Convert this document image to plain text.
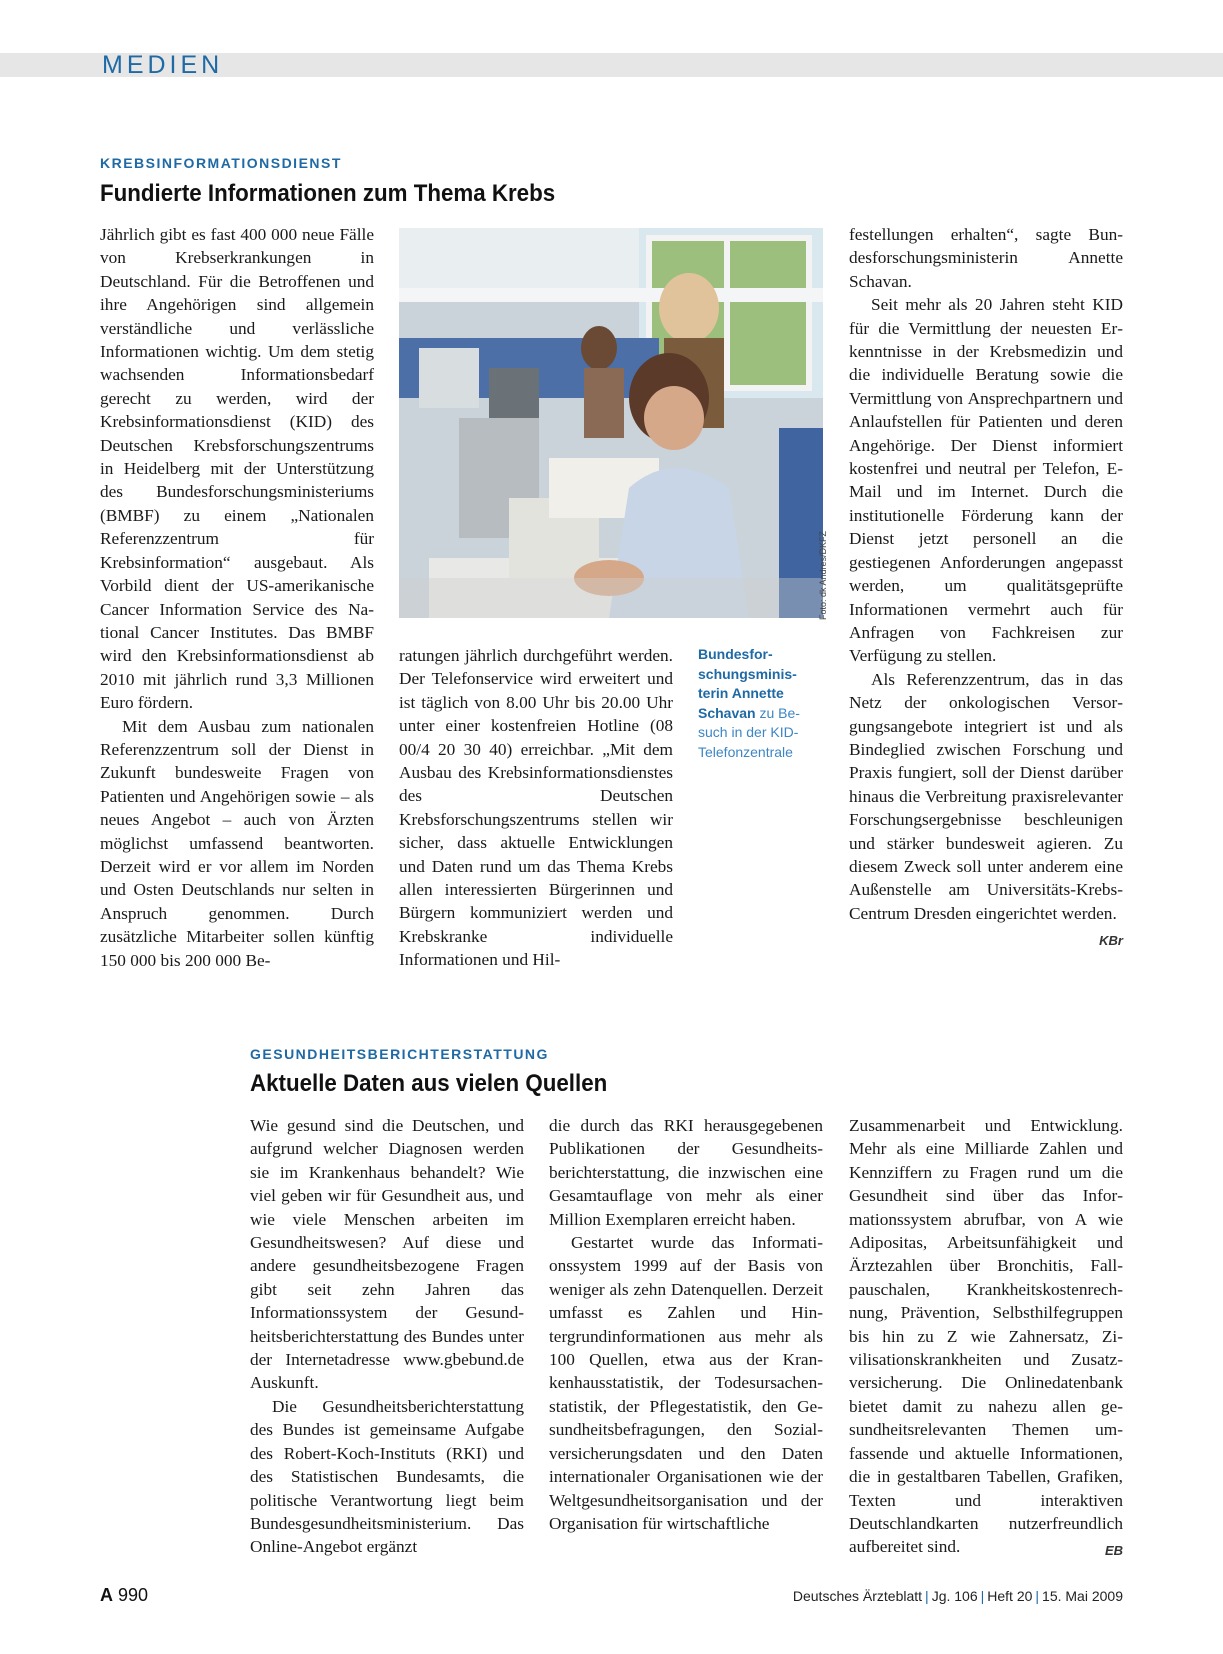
MEDIEN
KREBSINFORMATIONSDIENST
Fundierte Informationen zum Thema Krebs

Jährlich gibt es fast 400 000 neue Fälle von Krebserkrankungen in Deutschland. Für die Betroffenen und ihre Angehörigen sind allgemein verständliche und verlässliche Informationen wichtig. Um dem stetig wachsenden Informationsbedarf gerecht zu werden, wird der Krebsinformationsdienst (KID) des Deutschen Krebsforschungszentrums in Heidelberg mit der Unterstützung des Bundesforschungsministeriums (BMBF) zu einem „Nationalen Referenzzentrum für Krebsinformation“ ausgebaut. Als Vorbild dient der US-amerikanische Cancer Information Service des National Cancer Institutes. Das BMBF wird den Krebsinformationsdienst ab 2010 mit jährlich rund 3,3 Millionen Euro fördern.

Mit dem Ausbau zum nationalen Referenzzentrum soll der Dienst in Zukunft bundesweite Fragen von Patienten und Angehörigen sowie – als neues Angebot – auch von Ärzten möglichst umfassend beantworten. Derzeit wird er vor allem im Norden und Osten Deutschlands nur selten in Anspruch genommen. Durch zusätzliche Mitarbeiter sollen künftig 150 000 bis 200 000 Be-

Foto: dk Andres/DKFZ
Bundesforschungsministerin Annette Schavan zu Besuch in der KID-Telefonzentrale

ratungen jährlich durchgeführt werden. Der Telefonservice wird erweitert und ist täglich von 8.00 Uhr bis 20.00 Uhr unter einer kostenfreien Hotline (08 00/4 20 30 40) erreichbar. „Mit dem Ausbau des Krebsinformationsdienstes des Deutschen Krebsforschungszentrums stellen wir sicher, dass aktuelle Entwicklungen und Daten rund um das Thema Krebs allen interessierten Bürgerinnen und Bürgern kommuniziert werden und Krebskranke individuelle Informationen und Hil-

festellungen erhalten“, sagte Bundesforschungsministerin Annette Schavan.

Seit mehr als 20 Jahren steht KID für die Vermittlung der neuesten Erkenntnisse in der Krebsmedizin und die individuelle Beratung sowie die Vermittlung von Ansprechpartnern und Anlaufstellen für Patienten und deren Angehörige. Der Dienst informiert kostenfrei und neutral per Telefon, E-Mail und im Internet. Durch die institutionelle Förderung kann der Dienst jetzt personell an die gestiegenen Anforderungen angepasst werden, um qualitätsgeprüfte Informationen vermehrt auch für Anfragen von Fachkreisen zur Verfügung zu stellen.

Als Referenzzentrum, das in das Netz der onkologischen Versorgungsangebote integriert ist und als Bindeglied zwischen Forschung und Praxis fungiert, soll der Dienst darüber hinaus die Verbreitung praxisrelevanter Forschungsergebnisse beschleunigen und stärker bundesweit agieren. Zu diesem Zweck soll unter anderem eine Außenstelle am Universitäts-Krebs-Centrum Dresden eingerichtet werden.
KBr

GESUNDHEITSBERICHTERSTATTUNG
Aktuelle Daten aus vielen Quellen

Wie gesund sind die Deutschen, und aufgrund welcher Diagnosen werden sie im Krankenhaus behandelt? Wie viel geben wir für Gesundheit aus, und wie viele Menschen arbeiten im Gesundheitswesen? Auf diese und andere gesundheitsbezogene Fragen gibt seit zehn Jahren das Informationssystem der Gesundheitsberichterstattung des Bundes unter der Internetadresse www.gbebund.de Auskunft.

Die Gesundheitsberichterstattung des Bundes ist gemeinsame Aufgabe des Robert-Koch-Instituts (RKI) und des Statistischen Bundesamts, die politische Verantwortung liegt beim Bundesgesundheitsministerium. Das Online-Angebot ergänzt

die durch das RKI herausgegebenen Publikationen der Gesundheitsberichterstattung, die inzwischen eine Gesamtauflage von mehr als einer Million Exemplaren erreicht haben.

Gestartet wurde das Informationssystem 1999 auf der Basis von weniger als zehn Datenquellen. Derzeit umfasst es Zahlen und Hintergrundinformationen aus mehr als 100 Quellen, etwa aus der Krankenhausstatistik, der Todesursachenstatistik, der Pflegestatistik, den Gesundheitsbefragungen, den Sozialversicherungsdaten und den Daten internationaler Organisationen wie der Weltgesundheitsorganisation und der Organisation für wirtschaftliche

Zusammenarbeit und Entwicklung. Mehr als eine Milliarde Zahlen und Kennziffern zu Fragen rund um die Gesundheit sind über das Informationssystem abrufbar, von A wie Adipositas, Arbeitsunfähigkeit und Ärztezahlen über Bronchitis, Fallpauschalen, Krankheitskostenrechnung, Prävention, Selbsthilfegruppen bis hin zu Z wie Zahnersatz, Zivilisationskrankheiten und Zusatzversicherung. Die Onlinedatenbank bietet damit zu nahezu allen gesundheitsrelevanten Themen umfassende und aktuelle Informationen, die in gestaltbaren Tabellen, Grafiken, Texten und interaktiven Deutschlandkarten nutzerfreundlich aufbereitet sind.	EB

A 990	Deutsches Ärzteblatt | Jg. 106 | Heft 20 | 15. Mai 2009
